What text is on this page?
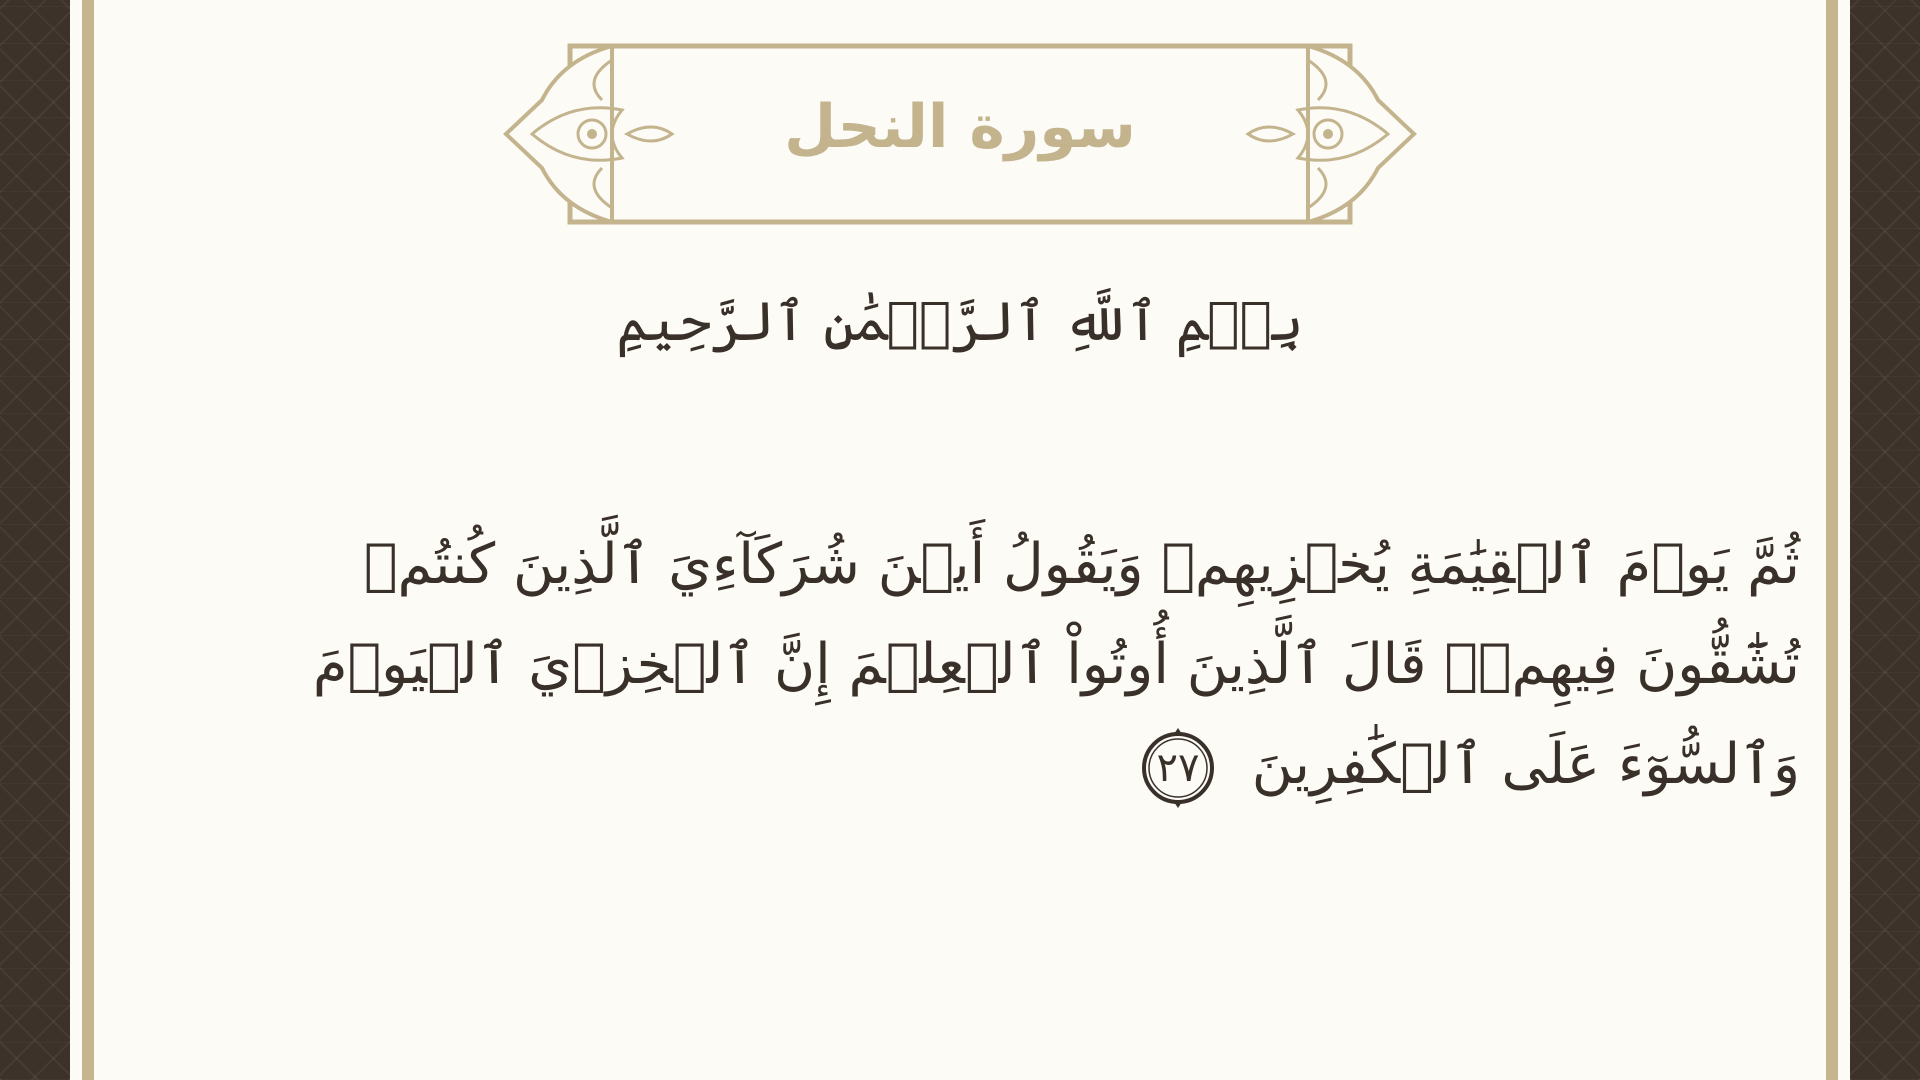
سورة النحل
بِسۡمِ ٱللَّهِ ٱلرَّحۡمَٰنِ ٱلرَّحِيمِ
ثُمَّ يَوۡمَ ٱلۡقِيَٰمَةِ يُخۡزِيهِمۡ وَيَقُولُ أَيۡنَ شُرَكَآءِيَ ٱلَّذِينَ كُنتُمۡ تُشَٰٓقُّونَ فِيهِمۡۚ قَالَ ٱلَّذِينَ أُوتُواْ ٱلۡعِلۡمَ إِنَّ ٱلۡخِزۡيَ ٱلۡيَوۡمَ وَٱلسُّوٓءَ عَلَى ٱلۡكَٰفِرِينَ
٢٧
